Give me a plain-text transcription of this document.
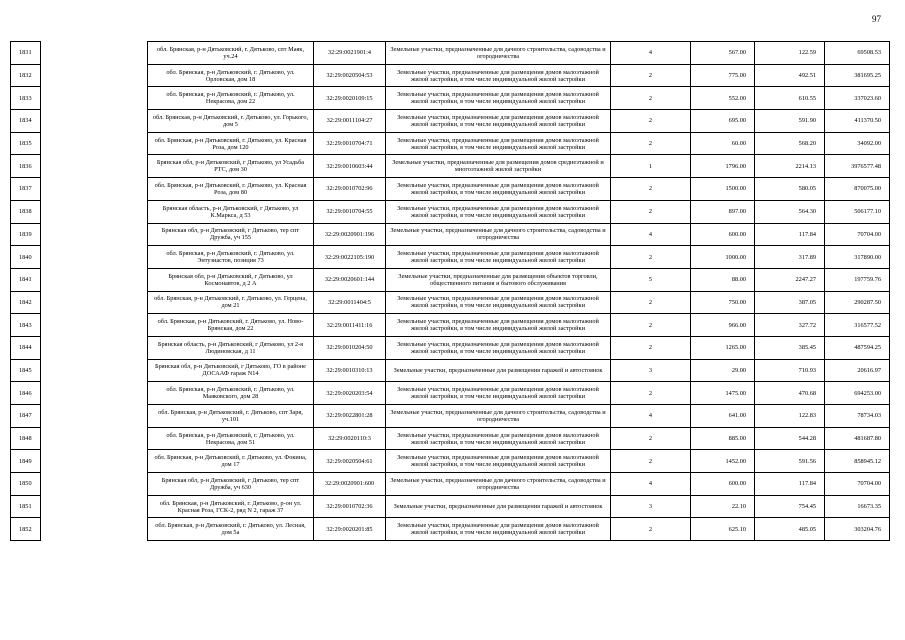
97
1831		обл. Брянская, р-н Дятьковский, г. Дятьково, спт Маяк, уч.24	32:29:0021901:4	Земельные участки, предназначенные для дачного строительства, садоводства и огородничества	4	567.00	122.59	69508.53
1832		обл. Брянская, р-н Дятьковский, г. Дятьково, ул. Орловская, дом 18	32:29:0020504:53	Земельные участки, предназначенные для размещения домов малоэтажной жилой застройки, в том числе индивидуальной жилой застройки	2	775.00	492.51	381695.25
1833		обл. Брянская, р-н Дятьковский, г. Дятьково, ул. Некрасова, дом 22	32:29:0020109:15	Земельные участки, предназначенные для размещения домов малоэтажной жилой застройки, в том числе индивидуальной жилой застройки	2	552.00	610.55	337023.60
1834		обл. Брянская, р-н Дятьковский, г. Дятьково, ул. Горького, дом 5	32:29:0011104:27	Земельные участки, предназначенные для размещения домов малоэтажной жилой застройки, в том числе индивидуальной жилой застройки	2	695.00	591.90	411370.50
1835		обл. Брянская, р-н Дятьковский, г. Дятьково, ул. Красная Роза, дом 120	32:29:0010704:71	Земельные участки, предназначенные для размещения домов малоэтажной жилой застройки, в том числе индивидуальной жилой застройки	2	60.00	568.20	34092.00
1836		Брянская обл, р-н Дятьковский, г Дятьково, ул Усадьба РТС, дом 30	32:29:0010603:44	Земельные участки, предназначенные для размещения домов среднеэтажной и многоэтажной жилой застройки	1	1796.00	2214.13	3976577.48
1837		обл. Брянская, р-н Дятьковский, г. Дятьково, ул. Красная Роза, дом 80	32:29:0010702:96	Земельные участки, предназначенные для размещения домов малоэтажной жилой застройки, в том числе индивидуальной жилой застройки	2	1500.00	580.05	870075.00
1838		Брянская область, р-н Дятьковский, г Дятьково, ул К.Маркса, д 53	32:29:0010704:55	Земельные участки, предназначенные для размещения домов малоэтажной жилой застройки, в том числе индивидуальной жилой застройки	2	897.00	564.30	506177.10
1839		Брянская обл, р-н Дятьковский, г Дятьково, тер спт Дружба, уч 155	32:29:0020901:196	Земельные участки, предназначенные для дачного строительства, садоводства и огородничества	4	600.00	117.84	70704.00
1840		обл. Брянская, р-н Дятьковский, г. Дятьково, ул. Энтузиастов, позиция 73	32:29:0022105:190	Земельные участки, предназначенные для размещения домов малоэтажной жилой застройки, в том числе индивидуальной жилой застройки	2	1000.00	317.89	317890.00
1841		Брянская обл, р-н Дятьковский, г Дятьково, ул Космонавтов, д 2 А	32:29:0020601:144	Земельные участки, предназначенные для размещения объектов торговли, общественного питания и бытового обслуживания	5	88.00	2247.27	197759.76
1842		обл. Брянская, р-н Дятьковский, г. Дятьково, ул. Герцена, дом 21	32:29:0011404:5	Земельные участки, предназначенные для размещения домов малоэтажной жилой застройки, в том числе индивидуальной жилой застройки	2	750.00	387.05	290287.50
1843		обл. Брянская, р-н Дятьковский, г. Дятьково, ул. Ново-Брянская, дом 22	32:29:0011411:16	Земельные участки, предназначенные для размещения домов малоэтажной жилой застройки, в том числе индивидуальной жилой застройки	2	966.00	327.72	316577.52
1844		Брянская область, р-н Дятьковский, г Дятьково, ул 2-я Людиновская, д 11	32:29:0010204:50	Земельные участки, предназначенные для размещения домов малоэтажной жилой застройки, в том числе индивидуальной жилой застройки	2	1265.00	385.45	487594.25
1845		Брянская обл, р-н Дятьковский, г Дятьково, ГО в районе ДОСААФ гараж N14	32:29:0010310:13	Земельные участки, предназначенные для размещения гаражей и автостоянок	3	29.00	710.93	20616.97
1846		обл. Брянская, р-н Дятьковский, г. Дятьково, ул. Маяковского, дом 28	32:29:0020203:54	Земельные участки, предназначенные для размещения домов малоэтажной жилой застройки, в том числе индивидуальной жилой застройки	2	1475.00	470.68	694253.00
1847		обл. Брянская, р-н Дятьковский, г. Дятьково, спт Заря, уч.101	32:29:0022801:28	Земельные участки, предназначенные для дачного строительства, садоводства и огородничества	4	641.00	122.83	78734.03
1848		обл. Брянская, р-н Дятьковский, г. Дятьково, ул. Некрасова, дом 51	32:29:0020110:3	Земельные участки, предназначенные для размещения домов малоэтажной жилой застройки, в том числе индивидуальной жилой застройки	2	885.00	544.28	481687.80
1849		обл. Брянская, р-н Дятьковский, г. Дятьково, ул. Фокина, дом 17	32:29:0020504:61	Земельные участки, предназначенные для размещения домов малоэтажной жилой застройки, в том числе индивидуальной жилой застройки	2	1452.00	591.56	858945.12
1850		Брянская обл, р-н Дятьковский, г Дятьково, тер спт Дружба, уч 630	32:29:0020901:600	Земельные участки, предназначенные для дачного строительства, садоводства и огородничества	4	600.00	117.84	70704.00
1851		обл. Брянская, р-н Дятьковский, г. Дятьково, р-он ул. Красная Роза, ГСК-2, ряд N 2, гараж 37	32:29:0010702:36	Земельные участки, предназначенные для размещения гаражей и автостоянок	3	22.10	754.45	16673.35
1852		обл. Брянская, р-н Дятьковский, г. Дятьково, ул. Лесная, дом 5а	32:29:0020201:85	Земельные участки, предназначенные для размещения домов малоэтажной жилой застройки, в том числе индивидуальной жилой застройки	2	625.10	485.05	303204.76
